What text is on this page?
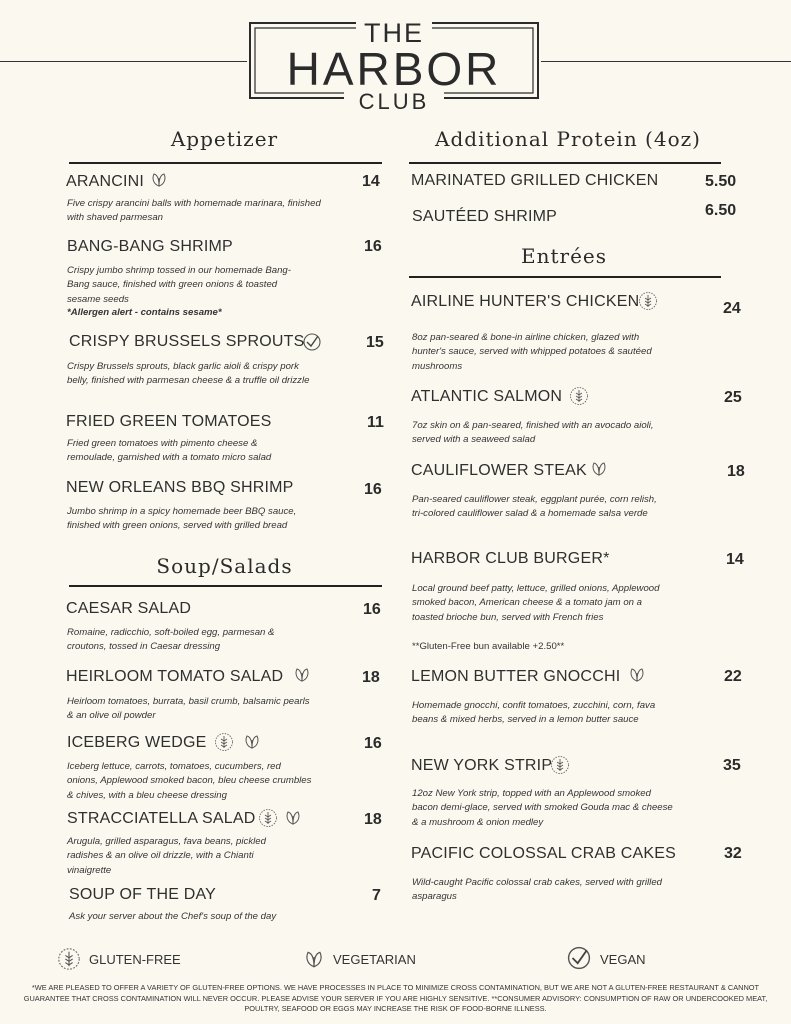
THE
HARBOR
CLUB
Appetizer
ARANCINI	14
Five crispy arancini balls with homemade marinara, finished with shaved parmesan
BANG-BANG SHRIMP	16
Crispy jumbo shrimp tossed in our homemade Bang-Bang sauce, finished with green onions & toasted sesame seeds
*Allergen alert - contains sesame*
CRISPY BRUSSELS SPROUTS	15
Crispy Brussels sprouts, black garlic aioli & crispy pork belly, finished with parmesan cheese & a truffle oil drizzle
FRIED GREEN TOMATOES	11
Fried green tomatoes with pimento cheese & remoulade, garnished with a tomato micro salad
NEW ORLEANS BBQ SHRIMP	16
Jumbo shrimp in a spicy homemade beer BBQ sauce, finished with green onions, served with grilled bread
Soup/Salads
CAESAR SALAD	16
Romaine, radicchio, soft-boiled egg, parmesan & croutons, tossed in Caesar dressing
HEIRLOOM TOMATO SALAD	18
Heirloom tomatoes, burrata, basil crumb, balsamic pearls & an olive oil powder
ICEBERG WEDGE	16
Iceberg lettuce, carrots, tomatoes, cucumbers, red onions, Applewood smoked bacon, bleu cheese crumbles & chives, with a bleu cheese dressing
STRACCIATELLA SALAD	18
Arugula, grilled asparagus, fava beans, pickled radishes & an olive oil drizzle, with a Chianti vinaigrette
SOUP OF THE DAY	7
Ask your server about the Chef's soup of the day
Additional Protein (4oz)
MARINATED GRILLED CHICKEN	5.50
SAUTÉED SHRIMP	6.50
Entrées
AIRLINE HUNTER'S CHICKEN	24
8oz pan-seared & bone-in airline chicken, glazed with hunter's sauce, served with whipped potatoes & sautéed mushrooms
ATLANTIC SALMON	25
7oz skin on & pan-seared, finished with an avocado aioli, served with a seaweed salad
CAULIFLOWER STEAK	18
Pan-seared cauliflower steak, eggplant purée, corn relish, tri-colored cauliflower salad & a homemade salsa verde
HARBOR CLUB BURGER*	14
Local ground beef patty, lettuce, grilled onions, Applewood smoked bacon, American cheese & a tomato jam on a toasted brioche bun, served with French fries
**Gluten-Free bun available +2.50**
LEMON BUTTER GNOCCHI	22
Homemade gnocchi, confit tomatoes, zucchini, corn, fava beans & mixed herbs, served in a lemon butter sauce
NEW YORK STRIP	35
12oz New York strip, topped with an Applewood smoked bacon demi-glace, served with smoked Gouda mac & cheese & a mushroom & onion medley
PACIFIC COLOSSAL CRAB CAKES	32
Wild-caught Pacific colossal crab cakes, served with grilled asparagus
GLUTEN-FREE	VEGETARIAN	VEGAN
*WE ARE PLEASED TO OFFER A VARIETY OF GLUTEN-FREE OPTIONS. WE HAVE PROCESSES IN PLACE TO MINIMIZE CROSS CONTAMINATION, BUT WE ARE NOT A GLUTEN-FREE RESTAURANT & CANNOT GUARANTEE THAT CROSS CONTAMINATION WILL NEVER OCCUR. PLEASE ADVISE YOUR SERVER IF YOU ARE HIGHLY SENSITIVE. **CONSUMER ADVISORY: CONSUMPTION OF RAW OR UNDERCOOKED MEAT, POULTRY, SEAFOOD OR EGGS MAY INCREASE THE RISK OF FOOD-BORNE ILLNESS.
